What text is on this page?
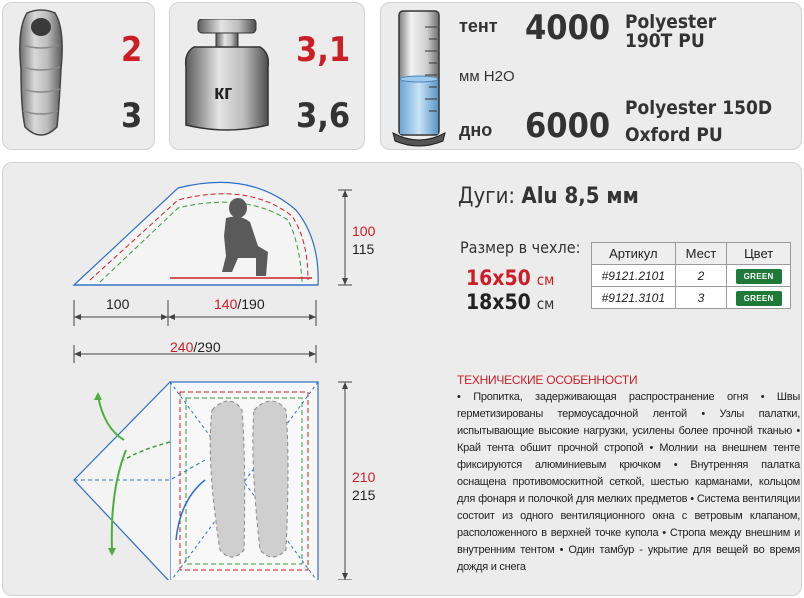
2
3
кг
3,1
3,6
тент 4000 Polyester 190T PU
мм Н2О
дно 6000 Polyester 150D Oxford PU
100
115
100	140/190
240/290
210
215
Дуги: Alu 8,5 мм
Размер в чехле:
16х50 см
18х50 см
Артикул	Мест	Цвет
#9121.2101	2	GREEN
#9121.3101	3	GREEN
ТЕХНИЧЕСКИЕ ОСОБЕННОСТИ
• Пропитка, задерживающая распространение огня • Швы герметизированы термоусадочной лентой • Узлы палатки, испытывающие высокие нагрузки, усилены более прочной тканью • Край тента обшит прочной стропой • Молнии на внешнем тенте фиксируются алюминиевым крючком • Внутренняя палатка оснащена противомоскитной сеткой, шестью карманами, кольцом для фонаря и полочкой для мелких предметов • Система вентиляции состоит из одного вентиляционного окна с ветровым клапаном, расположенного в верхней точке купола • Стропа между внешним и внутренним тентом • Один тамбур - укрытие для вещей во время дождя и снега
